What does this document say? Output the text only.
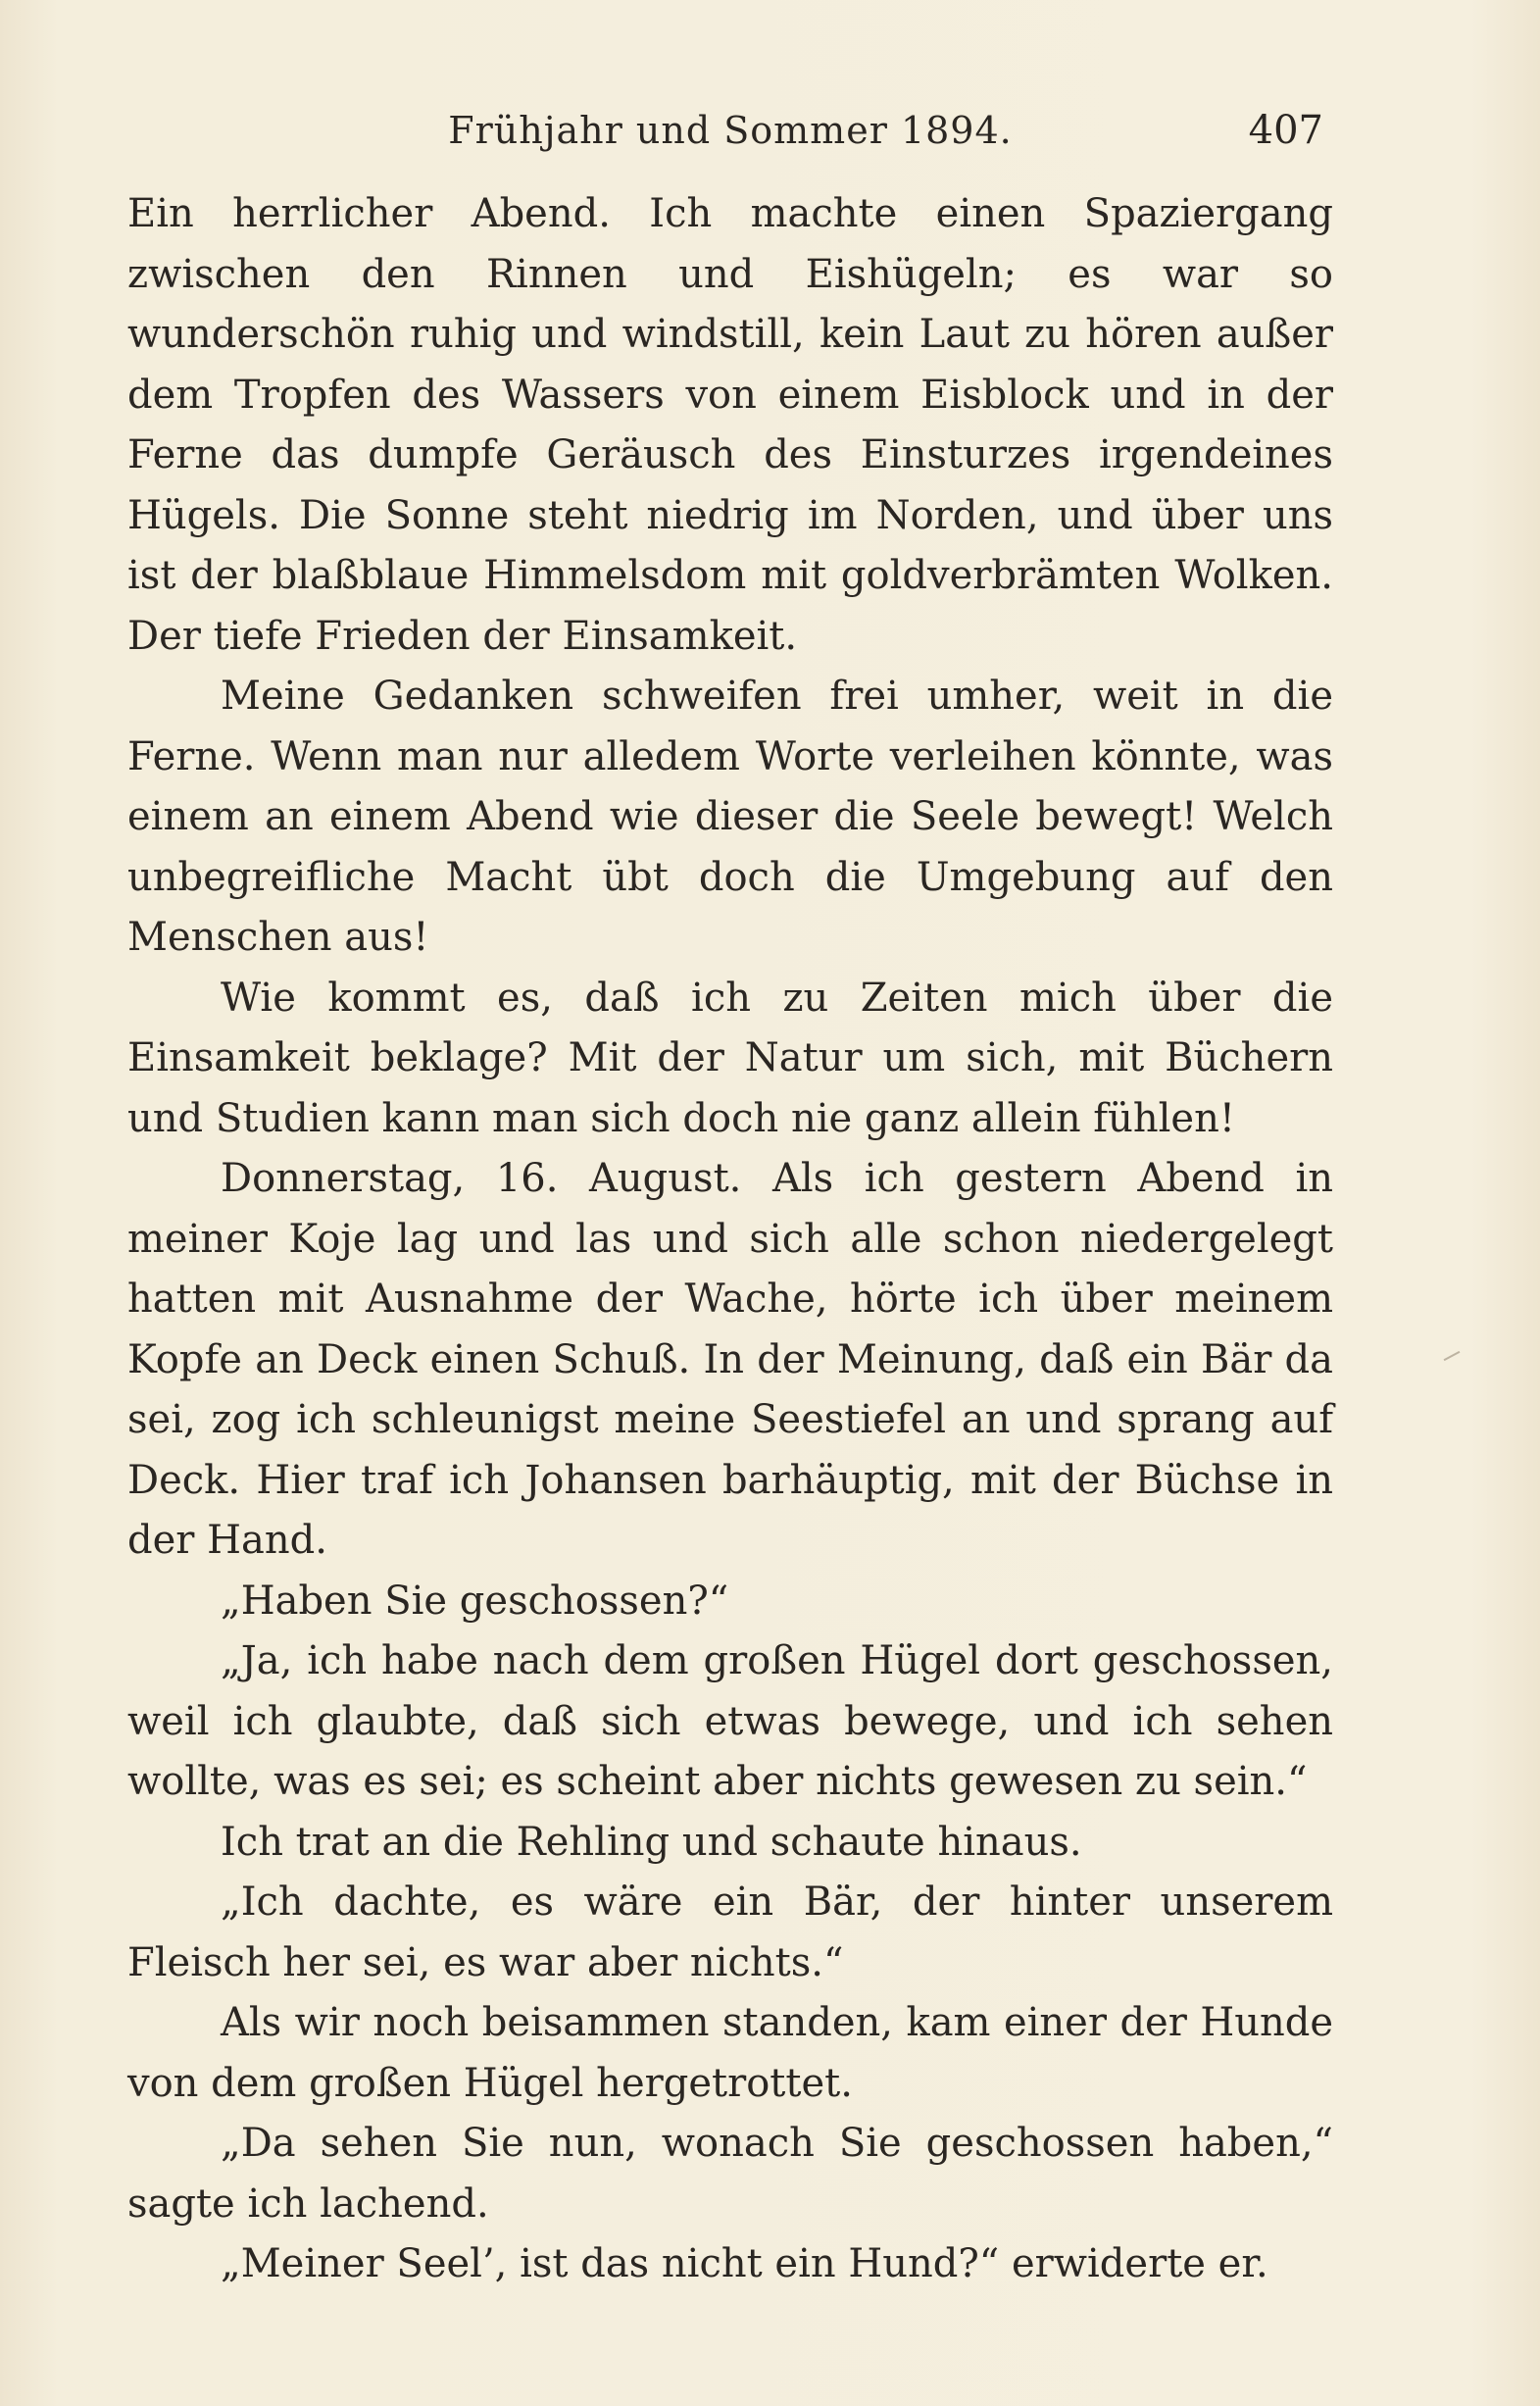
Frühjahr und Sommer 1894.	407

Ein herrlicher Abend. Ich machte einen Spaziergang zwischen den Rinnen und Eishügeln; es war so wunderschön ruhig und windstill, kein Laut zu hören außer dem Tropfen des Wassers von einem Eisblock und in der Ferne das dumpfe Geräusch des Einsturzes irgendeines Hügels. Die Sonne steht niedrig im Norden, und über uns ist der blaßblaue Himmelsdom mit goldverbrämten Wolken. Der tiefe Frieden der Einsamkeit.

Meine Gedanken schweifen frei umher, weit in die Ferne. Wenn man nur alledem Worte verleihen könnte, was einem an einem Abend wie dieser die Seele bewegt! Welch unbegreifliche Macht übt doch die Umgebung auf den Menschen aus!

Wie kommt es, daß ich zu Zeiten mich über die Einsamkeit beklage? Mit der Natur um sich, mit Büchern und Studien kann man sich doch nie ganz allein fühlen!

Donnerstag, 16. August. Als ich gestern Abend in meiner Koje lag und las und sich alle schon niedergelegt hatten mit Ausnahme der Wache, hörte ich über meinem Kopfe an Deck einen Schuß. In der Meinung, daß ein Bär da sei, zog ich schleunigst meine Seestiefel an und sprang auf Deck. Hier traf ich Johansen barhäuptig, mit der Büchse in der Hand.

„Haben Sie geschossen?“

„Ja, ich habe nach dem großen Hügel dort geschossen, weil ich glaubte, daß sich etwas bewege, und ich sehen wollte, was es sei; es scheint aber nichts gewesen zu sein.“

Ich trat an die Rehling und schaute hinaus.

„Ich dachte, es wäre ein Bär, der hinter unserem Fleisch her sei, es war aber nichts.“

Als wir noch beisammen standen, kam einer der Hunde von dem großen Hügel hergetrottet.

„Da sehen Sie nun, wonach Sie geschossen haben,“ sagte ich lachend.

„Meiner Seel’, ist das nicht ein Hund?“ erwiderte er.
